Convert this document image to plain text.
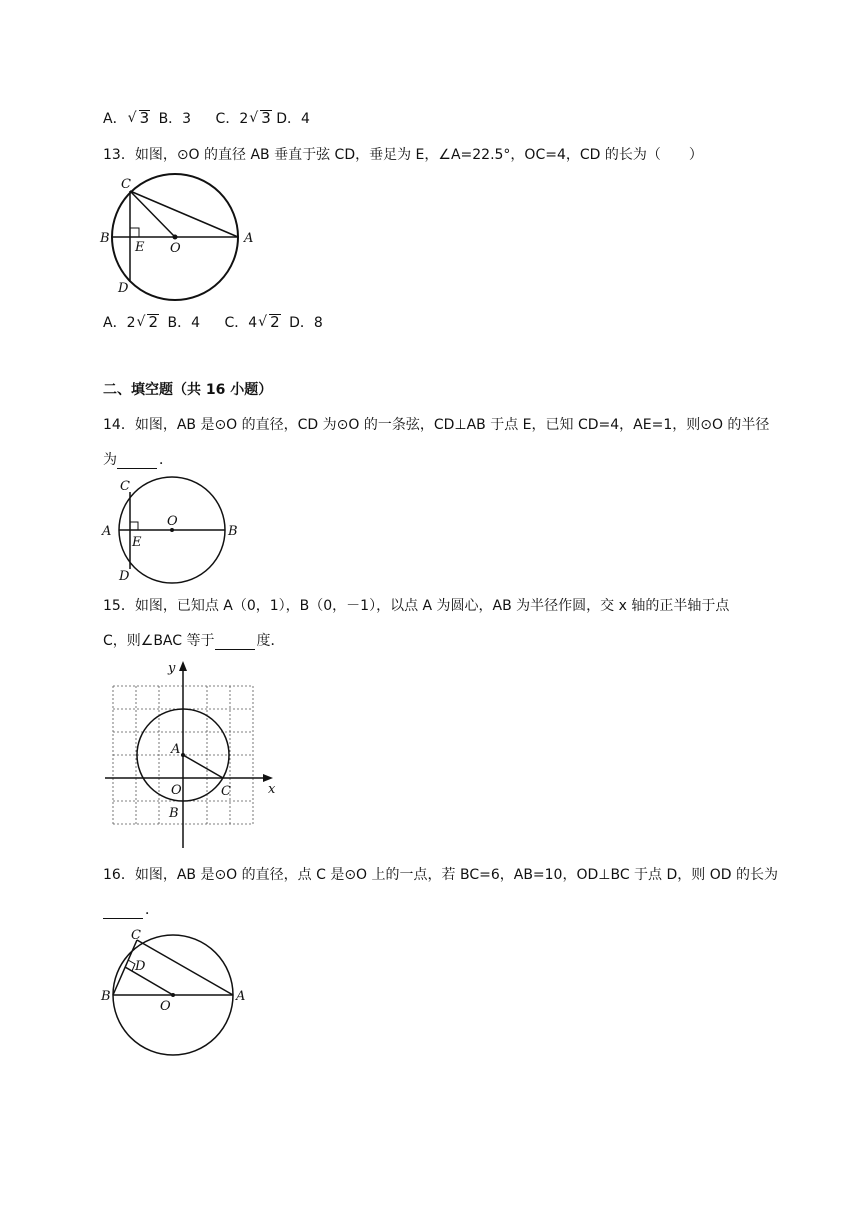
A． √ 3 B．3 C．2 √ 3 D．4
13．如图，⊙O 的直径 AB 垂直于弦 CD，垂足为 E，∠A=22.5°，OC=4，CD 的长为（　　）
C
B
E O
A
D
A．2 √ 2 B．4 C．4 √ 2 D．8
二、填空题（共 16 小题）
14．如图，AB 是⊙O 的直径，CD 为⊙O 的一条弦，CD⊥AB 于点 E，已知 CD=4，AE=1，则⊙O 的半径
为	．
C
A
O
E
B
D
15．如图，已知点 A（0，1），B（0，－1），以点 A 为圆心，AB 为半径作圆，交 x 轴的正半轴于点
C，则∠BAC 等于	度．
y
x
A
O	C
B
16．如图，AB 是⊙O 的直径，点 C 是⊙O 上的一点，若 BC=6，AB=10，OD⊥BC 于点 D，则 OD 的长为
．
C
D
B
O
A
